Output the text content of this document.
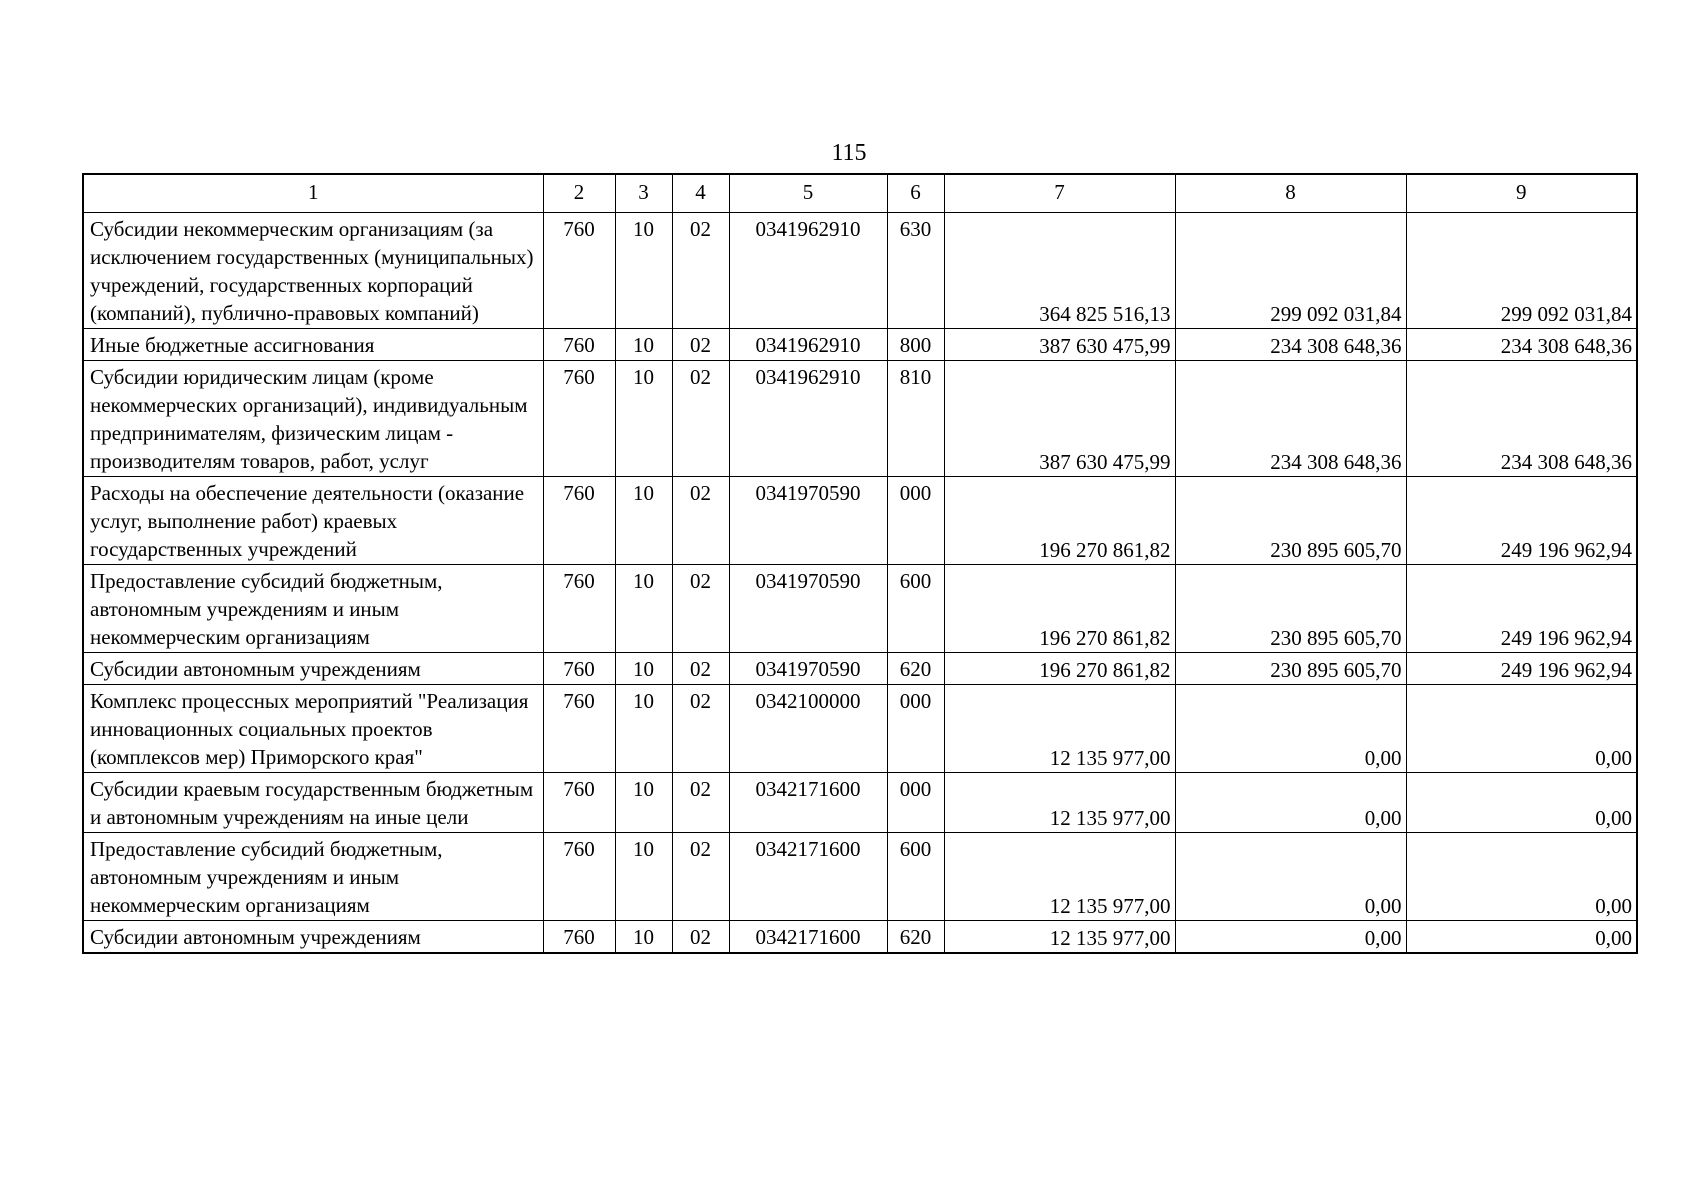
115
1	2	3	4	5	6	7	8	9
Субсидии некоммерческим организациям (за исключением государственных (муниципальных) учреждений, государственных корпораций (компаний), публично-правовых компаний)	760	10	02	0341962910	630	364 825 516,13	299 092 031,84	299 092 031,84
Иные бюджетные ассигнования	760	10	02	0341962910	800	387 630 475,99	234 308 648,36	234 308 648,36
Субсидии юридическим лицам (кроме некоммерческих организаций), индивидуальным предпринимателям, физическим лицам - производителям товаров, работ, услуг	760	10	02	0341962910	810	387 630 475,99	234 308 648,36	234 308 648,36
Расходы на обеспечение деятельности (оказание услуг, выполнение работ) краевых государственных учреждений	760	10	02	0341970590	000	196 270 861,82	230 895 605,70	249 196 962,94
Предоставление субсидий бюджетным, автономным учреждениям и иным некоммерческим организациям	760	10	02	0341970590	600	196 270 861,82	230 895 605,70	249 196 962,94
Субсидии автономным учреждениям	760	10	02	0341970590	620	196 270 861,82	230 895 605,70	249 196 962,94
Комплекс процессных мероприятий "Реализация инновационных социальных проектов (комплексов мер) Приморского края"	760	10	02	0342100000	000	12 135 977,00	0,00	0,00
Субсидии краевым государственным бюджетным и автономным учреждениям на иные цели	760	10	02	0342171600	000	12 135 977,00	0,00	0,00
Предоставление субсидий бюджетным, автономным учреждениям и иным некоммерческим организациям	760	10	02	0342171600	600	12 135 977,00	0,00	0,00
Субсидии автономным учреждениям	760	10	02	0342171600	620	12 135 977,00	0,00	0,00
